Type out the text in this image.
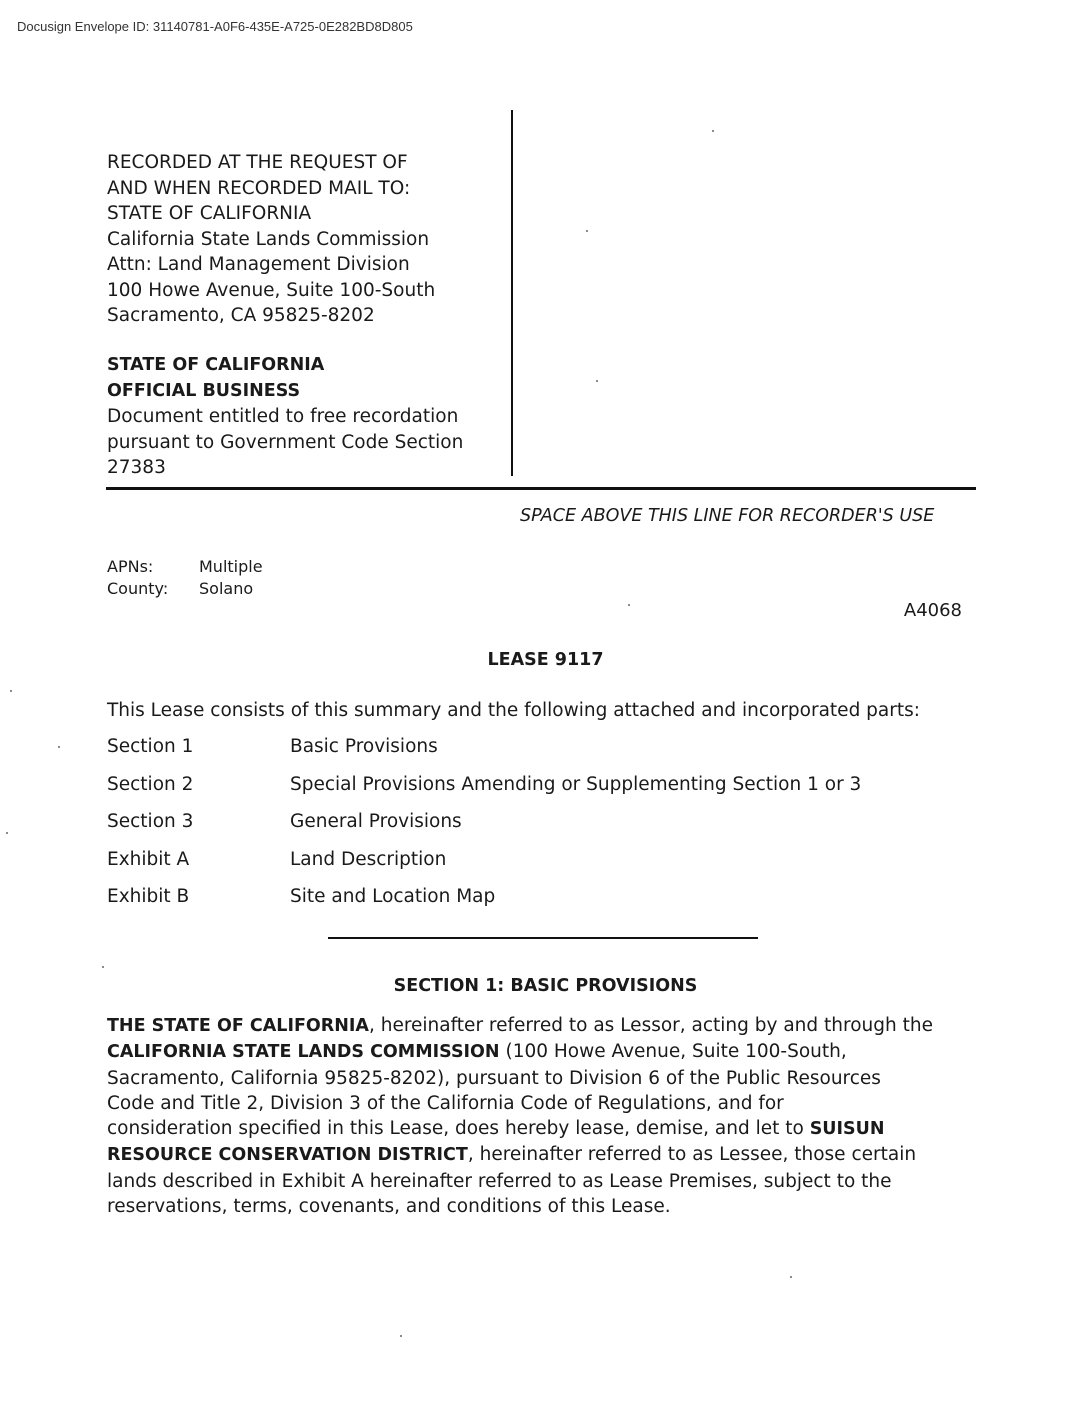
Docusign Envelope ID: 31140781-A0F6-435E-A725-0E282BD8D805
RECORDED AT THE REQUEST OF
AND WHEN RECORDED MAIL TO:
STATE OF CALIFORNIA
California State Lands Commission
Attn: Land Management Division
100 Howe Avenue, Suite 100-South
Sacramento, CA 95825-8202
STATE OF CALIFORNIA
OFFICIAL BUSINESS
Document entitled to free recordation
pursuant to Government Code Section
27383
SPACE ABOVE THIS LINE FOR RECORDER'S USE
APNs:	Multiple
County:	Solano
A4068
LEASE 9117
This Lease consists of this summary and the following attached and incorporated parts:
Section 1	Basic Provisions
Section 2	Special Provisions Amending or Supplementing Section 1 or 3
Section 3	General Provisions
Exhibit A	Land Description
Exhibit B	Site and Location Map
SECTION 1: BASIC PROVISIONS
THE STATE OF CALIFORNIA, hereinafter referred to as Lessor, acting by and through the
CALIFORNIA STATE LANDS COMMISSION (100 Howe Avenue, Suite 100-South,
Sacramento, California 95825-8202), pursuant to Division 6 of the Public Resources
Code and Title 2, Division 3 of the California Code of Regulations, and for
consideration specified in this Lease, does hereby lease, demise, and let to SUISUN
RESOURCE CONSERVATION DISTRICT, hereinafter referred to as Lessee, those certain
lands described in Exhibit A hereinafter referred to as Lease Premises, subject to the
reservations, terms, covenants, and conditions of this Lease.
